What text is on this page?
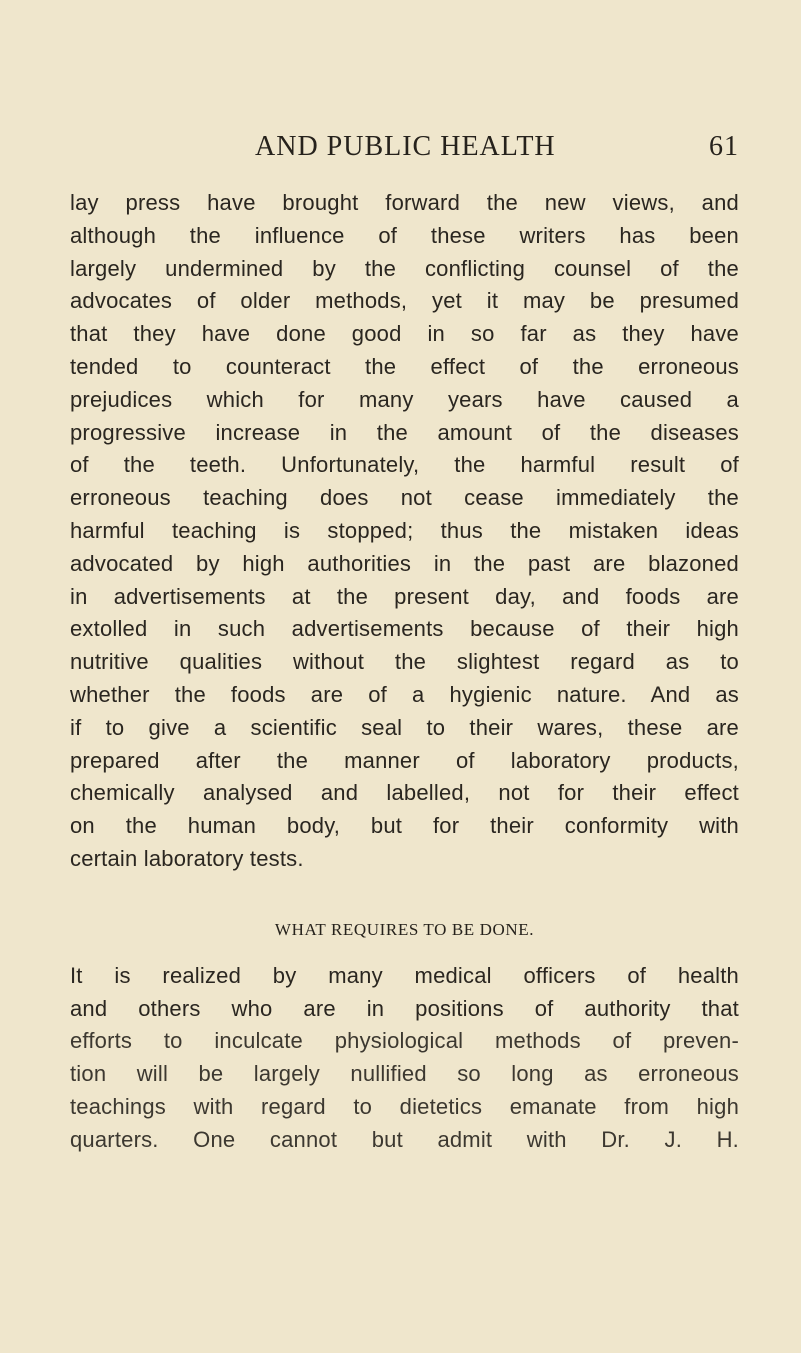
AND PUBLIC HEALTH	61
lay press have brought forward the new views, and
although the influence of these writers has been
largely undermined by the conflicting counsel of the
advocates of older methods, yet it may be presumed
that they have done good in so far as they have
tended to counteract the effect of the erroneous
prejudices which for many years have caused a
progressive increase in the amount of the diseases
of the teeth. Unfortunately, the harmful result of
erroneous teaching does not cease immediately the
harmful teaching is stopped; thus the mistaken ideas
advocated by high authorities in the past are blazoned
in advertisements at the present day, and foods are
extolled in such advertisements because of their high
nutritive qualities without the slightest regard as to
whether the foods are of a hygienic nature. And as
if to give a scientific seal to their wares, these are
prepared after the manner of laboratory products,
chemically analysed and labelled, not for their effect
on the human body, but for their conformity with
certain laboratory tests.
WHAT REQUIRES TO BE DONE.
It is realized by many medical officers of health
and others who are in positions of authority that
efforts to inculcate physiological methods of preven-
tion will be largely nullified so long as erroneous
teachings with regard to dietetics emanate from high
quarters. One cannot but admit with Dr. J. H.
